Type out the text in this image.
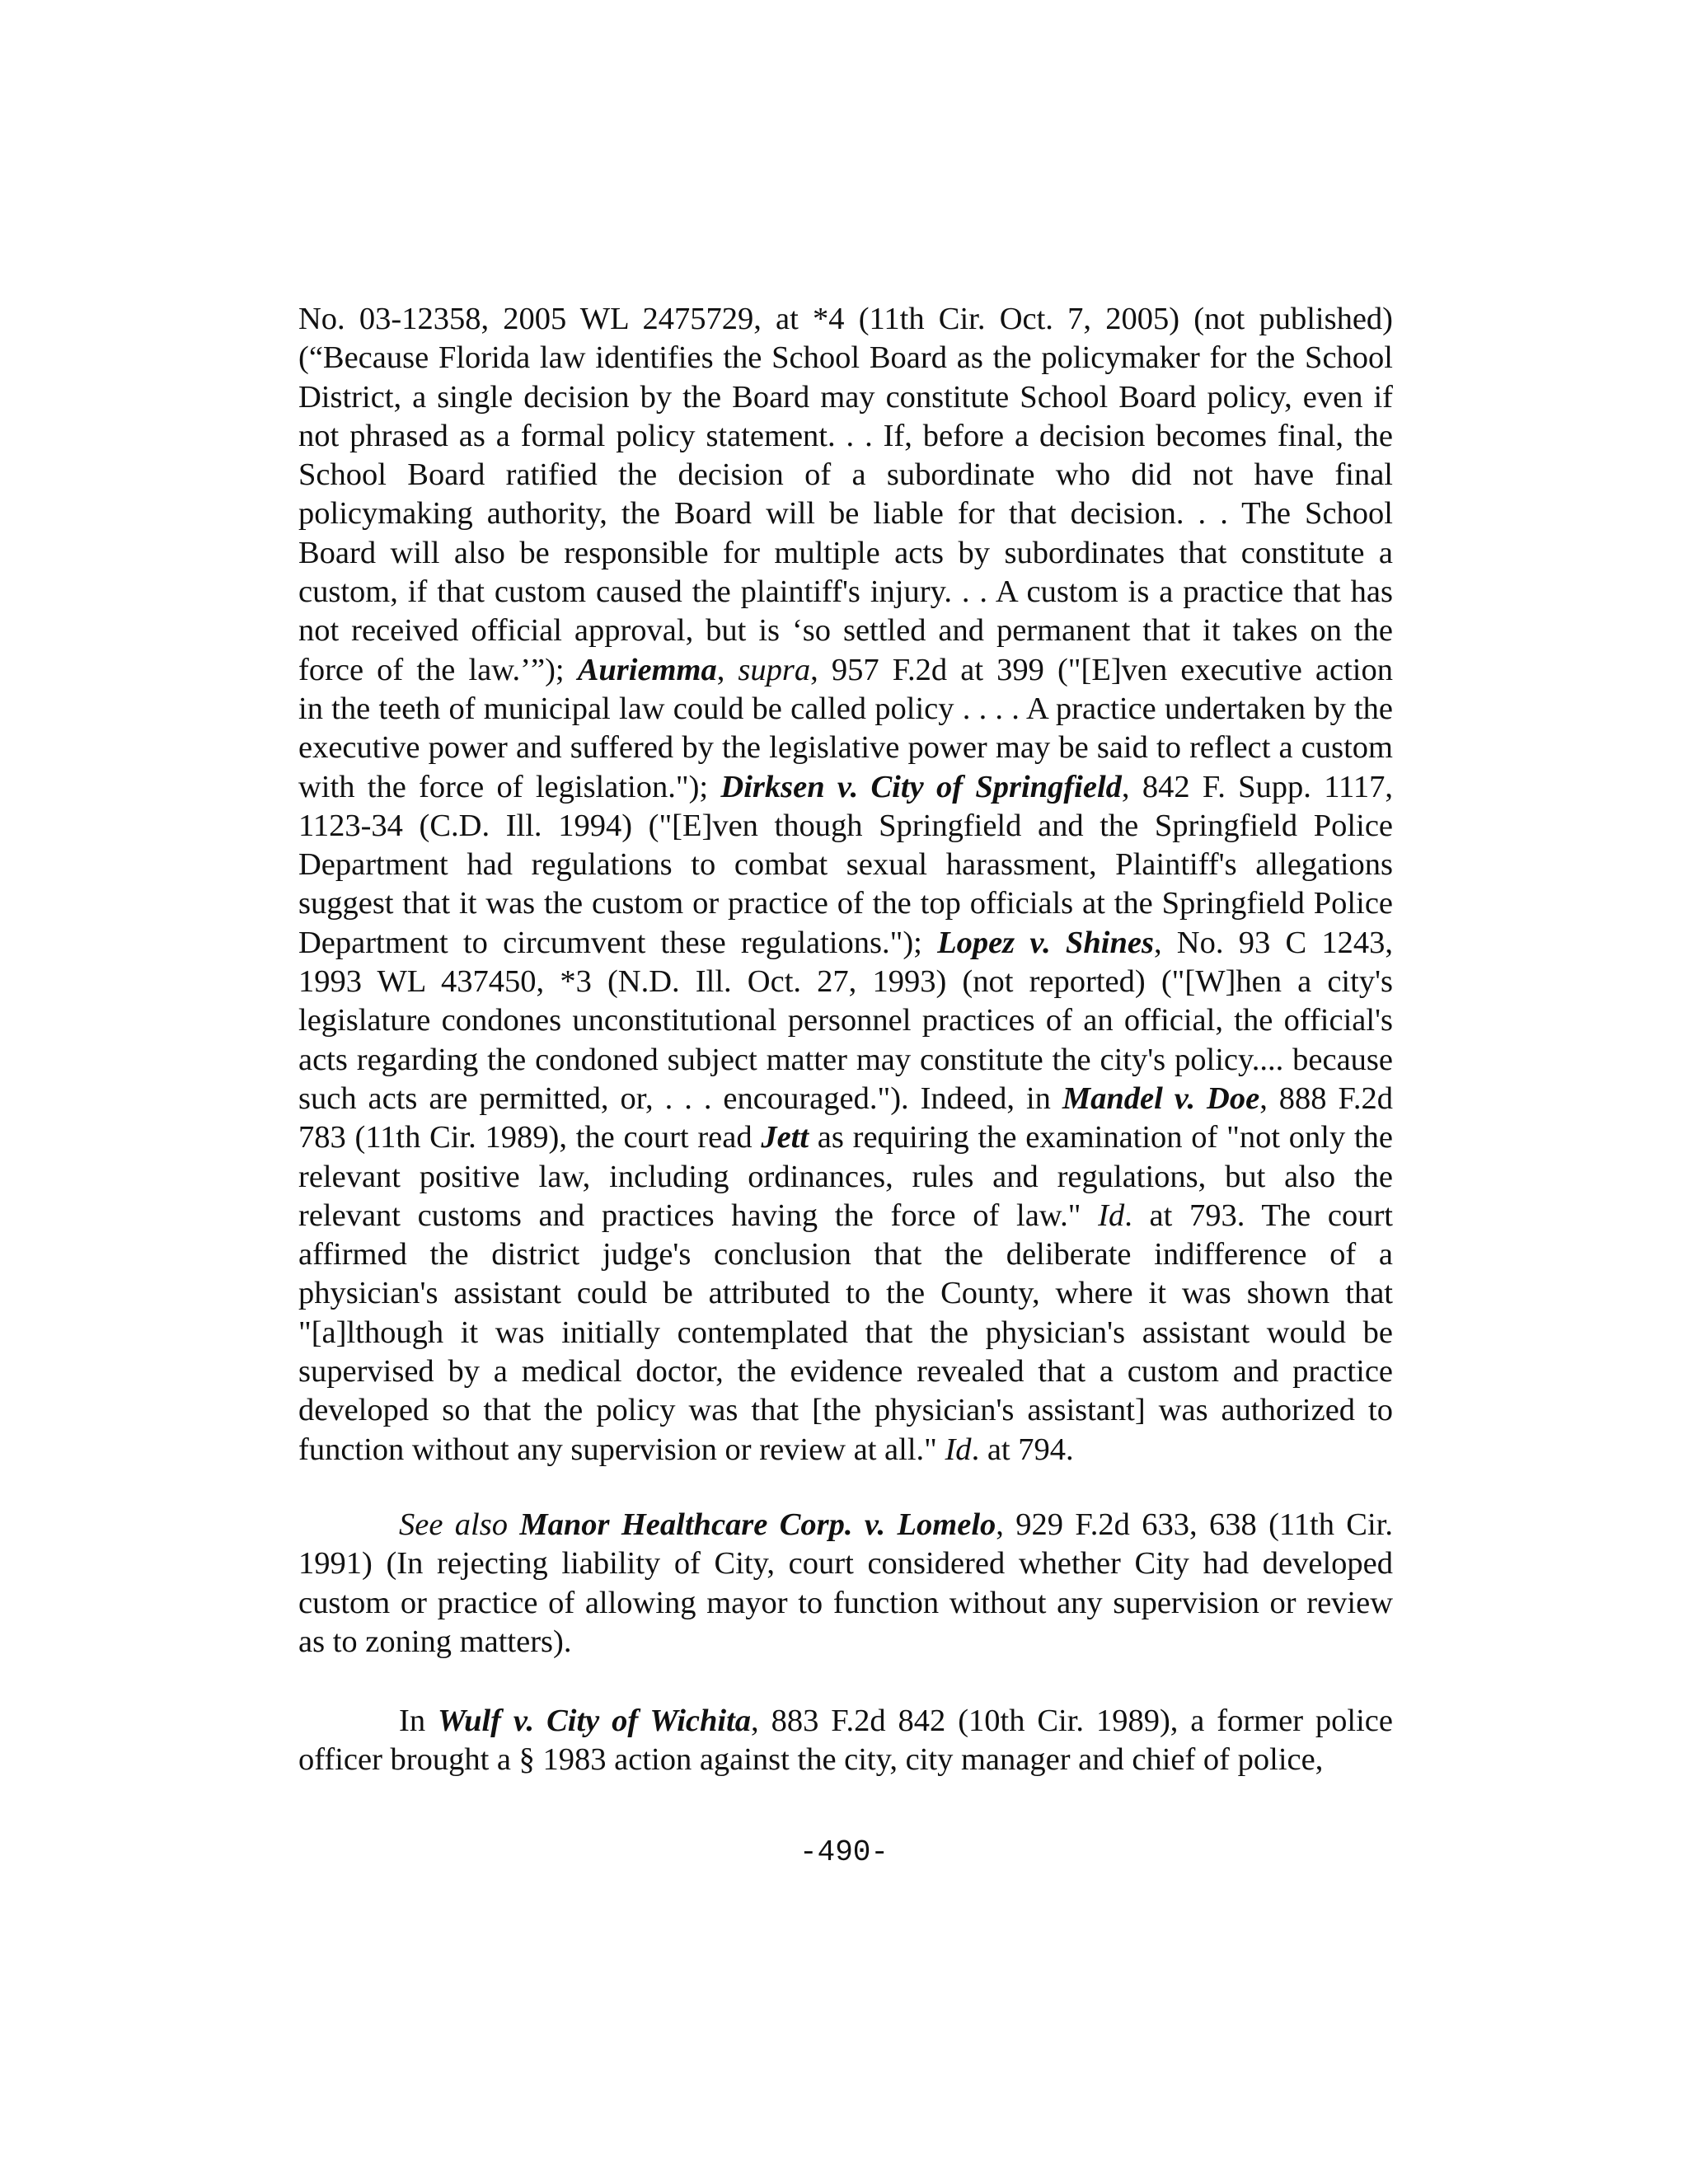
No. 03-12358, 2005 WL 2475729, at *4 (11th Cir. Oct. 7, 2005) (not published)
(“Because Florida law identifies the School Board as the policymaker for the School
District, a single decision by the Board may constitute School Board policy, even if
not phrased as a formal policy statement. . . If, before a decision becomes final, the
School Board ratified the decision of a subordinate who did not have final
policymaking authority, the Board will be liable for that decision. . . The School
Board will also be responsible for multiple acts by subordinates that constitute a
custom, if that custom caused the plaintiff's injury. . . A custom is a practice that has
not received official approval, but is ‘so settled and permanent that it takes on the
force of the law.’”); Auriemma, supra, 957 F.2d at 399 ("[E]ven executive action
in the teeth of municipal law could be called policy . . . . A practice undertaken by the
executive power and suffered by the legislative power may be said to reflect a custom
with the force of legislation."); Dirksen v. City of Springfield, 842 F. Supp. 1117,
1123-34 (C.D. Ill. 1994) ("[E]ven though Springfield and the Springfield Police
Department had regulations to combat sexual harassment, Plaintiff's allegations
suggest that it was the custom or practice of the top officials at the Springfield Police
Department to circumvent these regulations."); Lopez v. Shines, No. 93 C 1243,
1993 WL 437450, *3 (N.D. Ill. Oct. 27, 1993) (not reported) ("[W]hen a city's
legislature condones unconstitutional personnel practices of an official, the official's
acts regarding the condoned subject matter may constitute the city's policy.... because
such acts are permitted, or, . . . encouraged."). Indeed, in Mandel v. Doe, 888 F.2d
783 (11th Cir. 1989), the court read Jett as requiring the examination of "not only the
relevant positive law, including ordinances, rules and regulations, but also the
relevant customs and practices having the force of law." Id. at 793. The court
affirmed the district judge's conclusion that the deliberate indifference of a
physician's assistant could be attributed to the County, where it was shown that
"[a]lthough it was initially contemplated that the physician's assistant would be
supervised by a medical doctor, the evidence revealed that a custom and practice
developed so that the policy was that [the physician's assistant] was authorized to
function without any supervision or review at all." Id. at 794.
See also Manor Healthcare Corp. v. Lomelo, 929 F.2d 633, 638 (11th Cir.
1991) (In rejecting liability of City, court considered whether City had developed
custom or practice of allowing mayor to function without any supervision or review
as to zoning matters).
In Wulf v. City of Wichita, 883 F.2d 842 (10th Cir. 1989), a former police
officer brought a § 1983 action against the city, city manager and chief of police,
-490-
